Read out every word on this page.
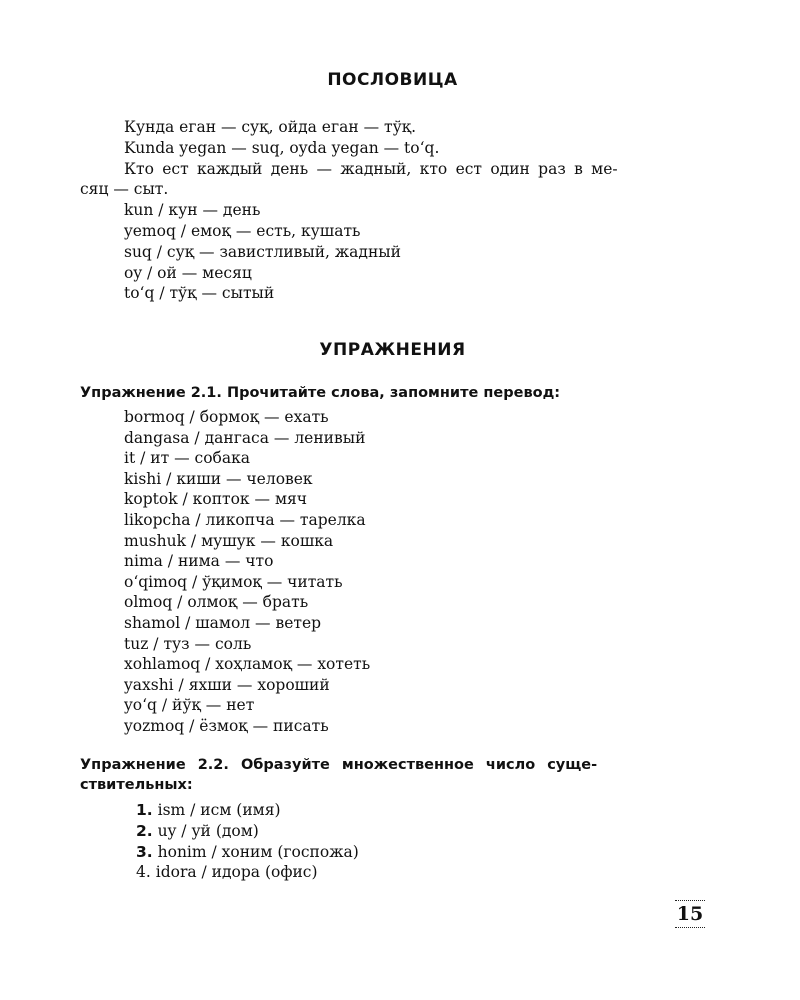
ПОСЛОВИЦА
Кунда еган — суқ, ойда еган — тўқ.
Kunda yegan — suq, oyda yegan — to‘q.
Кто ест каждый день — жадный, кто ест один раз в ме-
сяц — сыт.
kun / кун — день
yemoq / емоқ — есть, кушать
suq / суқ — завистливый, жадный
oy / ой — месяц
to‘q / тўқ — сытый
УПРАЖНЕНИЯ

Упражнение 2.1. Прочитайте слова, запомните перевод:

bormoq / бормоқ — ехать
dangasa / дангаса — ленивый
it / ит — собака
kishi / киши — человек
koptok / копток — мяч
likopcha / ликопча — тарелка
mushuk / мушук — кошка
nima / нима — что
o‘qimoq / ўқимоқ — читать
olmoq / олмоқ — брать
shamol / шамол — ветер
tuz / туз — соль
xohlamoq / хоҳламоқ — хотеть
yaxshi / яхши — хороший
yo‘q / йўқ — нет
yozmoq / ёзмоқ — писать
Упражнение 2.2. Образуйте множественное число суще-
ствительных:
1. ism / исм (имя)
2. uy / уй (дом)
3. honim / хоним (госпожа)
4. idora / идора (офис)
15
